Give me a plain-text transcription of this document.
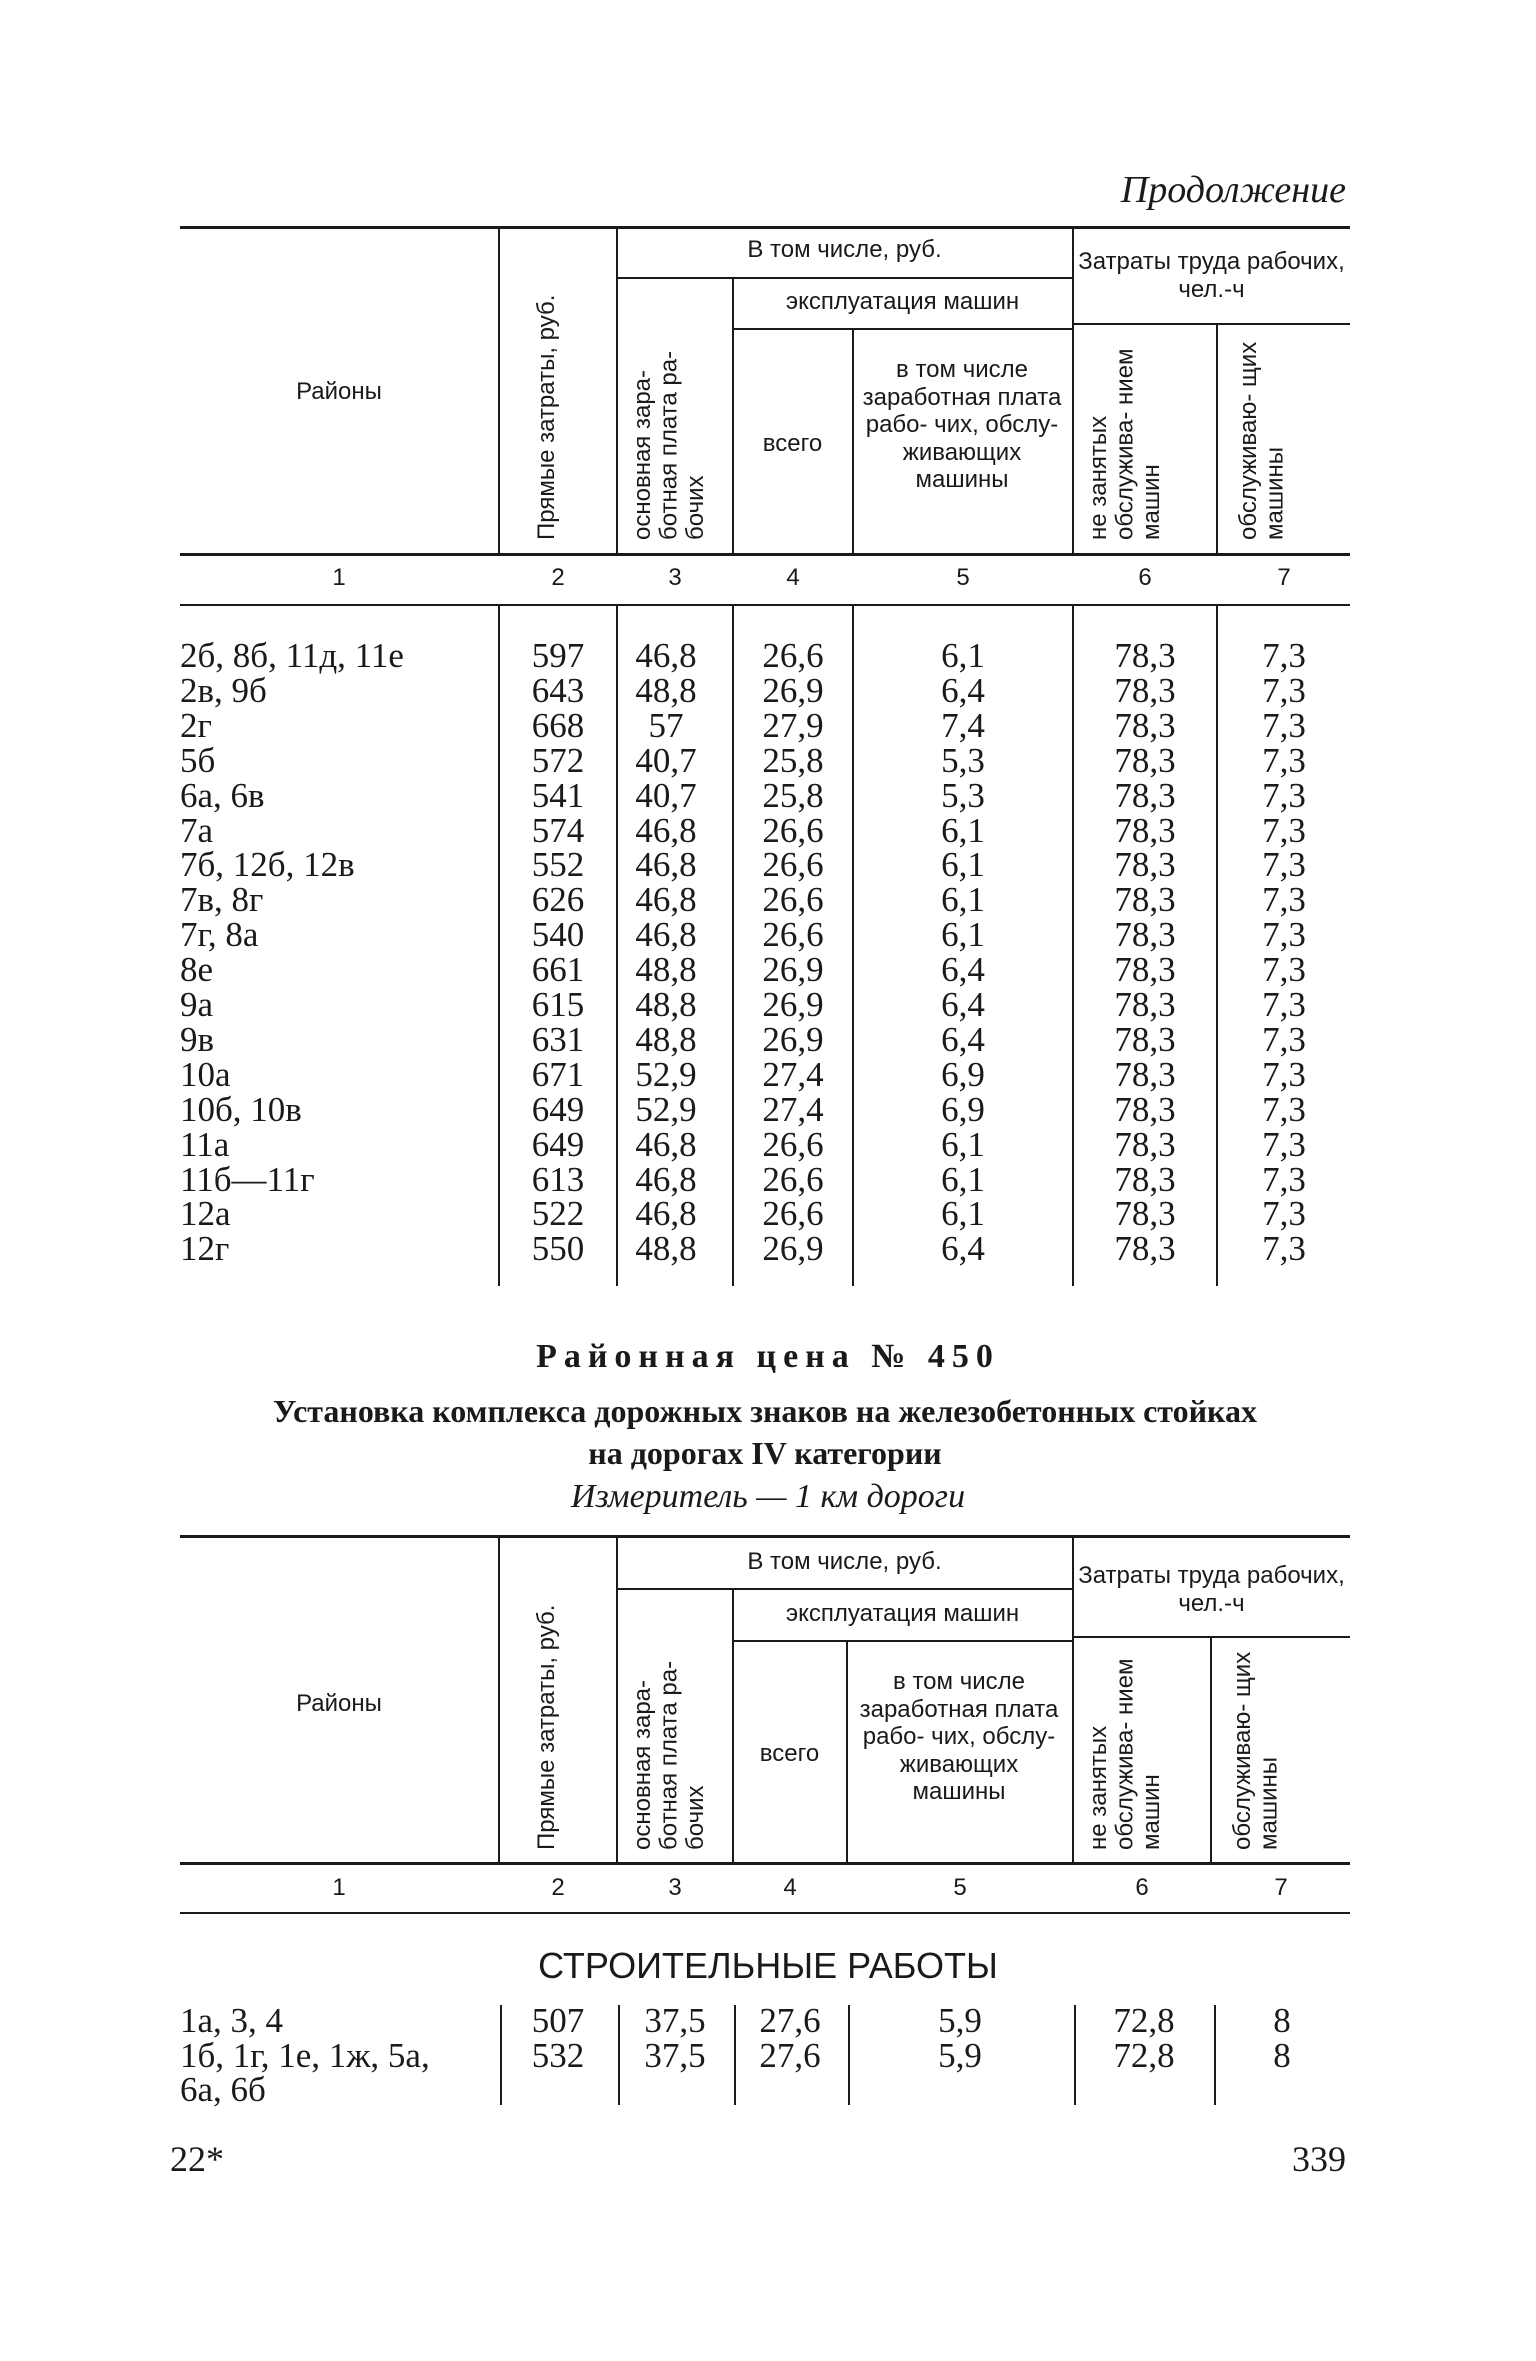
Продолжение
Районы	Прямые затраты, руб.
В том числе, руб.
основная зара- ботная плата ра- бочих
эксплуатация машин
всего
в том числе заработная плата рабо- чих, обслу- живающих машины
Затраты труда рабочих, чел.-ч
не занятых обслужива- нием машин	обслуживаю- щих машины
1	2	3	4	5	6	7
2б, 8б, 11д, 11е	597	46,8	26,6	6,1	78,3	7,3
2в, 9б	643	48,8	26,9	6,4	78,3	7,3
2г	668	57	27,9	7,4	78,3	7,3
5б	572	40,7	25,8	5,3	78,3	7,3
6а, 6в	541	40,7	25,8	5,3	78,3	7,3
7а	574	46,8	26,6	6,1	78,3	7,3
7б, 12б, 12в	552	46,8	26,6	6,1	78,3	7,3
7в, 8г	626	46,8	26,6	6,1	78,3	7,3
7г, 8а	540	46,8	26,6	6,1	78,3	7,3
8е	661	48,8	26,9	6,4	78,3	7,3
9а	615	48,8	26,9	6,4	78,3	7,3
9в	631	48,8	26,9	6,4	78,3	7,3
10а	671	52,9	27,4	6,9	78,3	7,3
10б, 10в	649	52,9	27,4	6,9	78,3	7,3
11а	649	46,8	26,6	6,1	78,3	7,3
11б—11г	613	46,8	26,6	6,1	78,3	7,3
12а	522	46,8	26,6	6,1	78,3	7,3
12г	550	48,8	26,9	6,4	78,3	7,3
Районная цена № 450
Установка комплекса дорожных знаков на железобетонных стойках
на дорогах IV категории
Измеритель — 1 км дороги
Районы	Прямые затраты, руб.
В том числе, руб.
основная зара- ботная плата ра- бочих
эксплуатация машин
всего
в том числе заработная плата рабо- чих, обслу- живающих машины
Затраты труда рабочих, чел.-ч
не занятых обслужива- нием машин	обслуживаю- щих машины
1	2	3	4	5	6	7
СТРОИТЕЛЬНЫЕ РАБОТЫ
1а, 3, 4	507	37,5	27,6	5,9	72,8	8
1б, 1г, 1е, 1ж, 5а,	532	37,5	27,6	5,9	72,8	8
6а, 6б
22*	339
